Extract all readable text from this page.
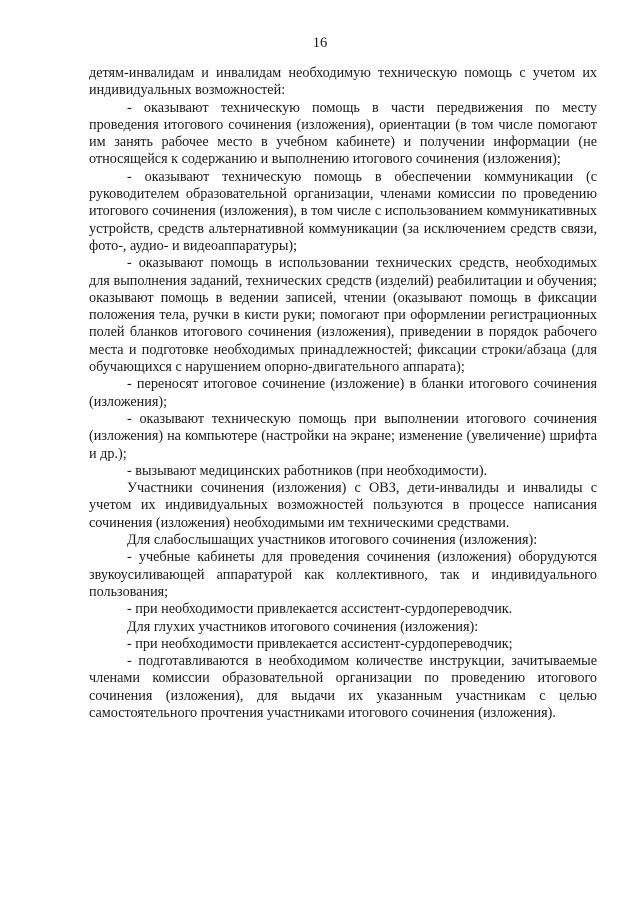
16

детям-инвалидам и инвалидам необходимую техническую помощь с учетом их индивидуальных возможностей:

- оказывают техническую помощь в части передвижения по месту проведения итогового сочинения (изложения), ориентации (в том числе помогают им занять рабочее место в учебном кабинете) и получении информации (не относящейся к содержанию и выполнению итогового сочинения (изложения);

- оказывают техническую помощь в обеспечении коммуникации (с руководителем образовательной организации, членами комиссии по проведению итогового сочинения (изложения), в том числе с использованием коммуникативных устройств, средств альтернативной коммуникации (за исключением средств связи, фото-, аудио- и видеоаппаратуры);

- оказывают помощь в использовании технических средств, необходимых для выполнения заданий, технических средств (изделий) реабилитации и обучения; оказывают помощь в ведении записей, чтении (оказывают помощь в фиксации положения тела, ручки в кисти руки; помогают при оформлении регистрационных полей бланков итогового сочинения (изложения), приведении в порядок рабочего места и подготовке необходимых принадлежностей; фиксации строки/абзаца (для обучающихся с нарушением опорно-двигательного аппарата);

- переносят итоговое сочинение (изложение) в бланки итогового сочинения (изложения);

- оказывают техническую помощь при выполнении итогового сочинения (изложения) на компьютере (настройки на экране; изменение (увеличение) шрифта и др.);

- вызывают медицинских работников (при необходимости).

Участники сочинения (изложения) с ОВЗ, дети-инвалиды и инвалиды с учетом их индивидуальных возможностей пользуются в процессе написания сочинения (изложения) необходимыми им техническими средствами.

Для слабослышащих участников итогового сочинения (изложения):

- учебные кабинеты для проведения сочинения (изложения) оборудуются звукоусиливающей аппаратурой как коллективного, так и индивидуального пользования;

- при необходимости привлекается ассистент-сурдопереводчик.

Для глухих участников итогового сочинения (изложения):

- при необходимости привлекается ассистент-сурдопереводчик;

- подготавливаются в необходимом количестве инструкции, зачитываемые членами комиссии образовательной организации по проведению итогового сочинения (изложения), для выдачи их указанным участникам с целью самостоятельного прочтения участниками итогового сочинения (изложения).
